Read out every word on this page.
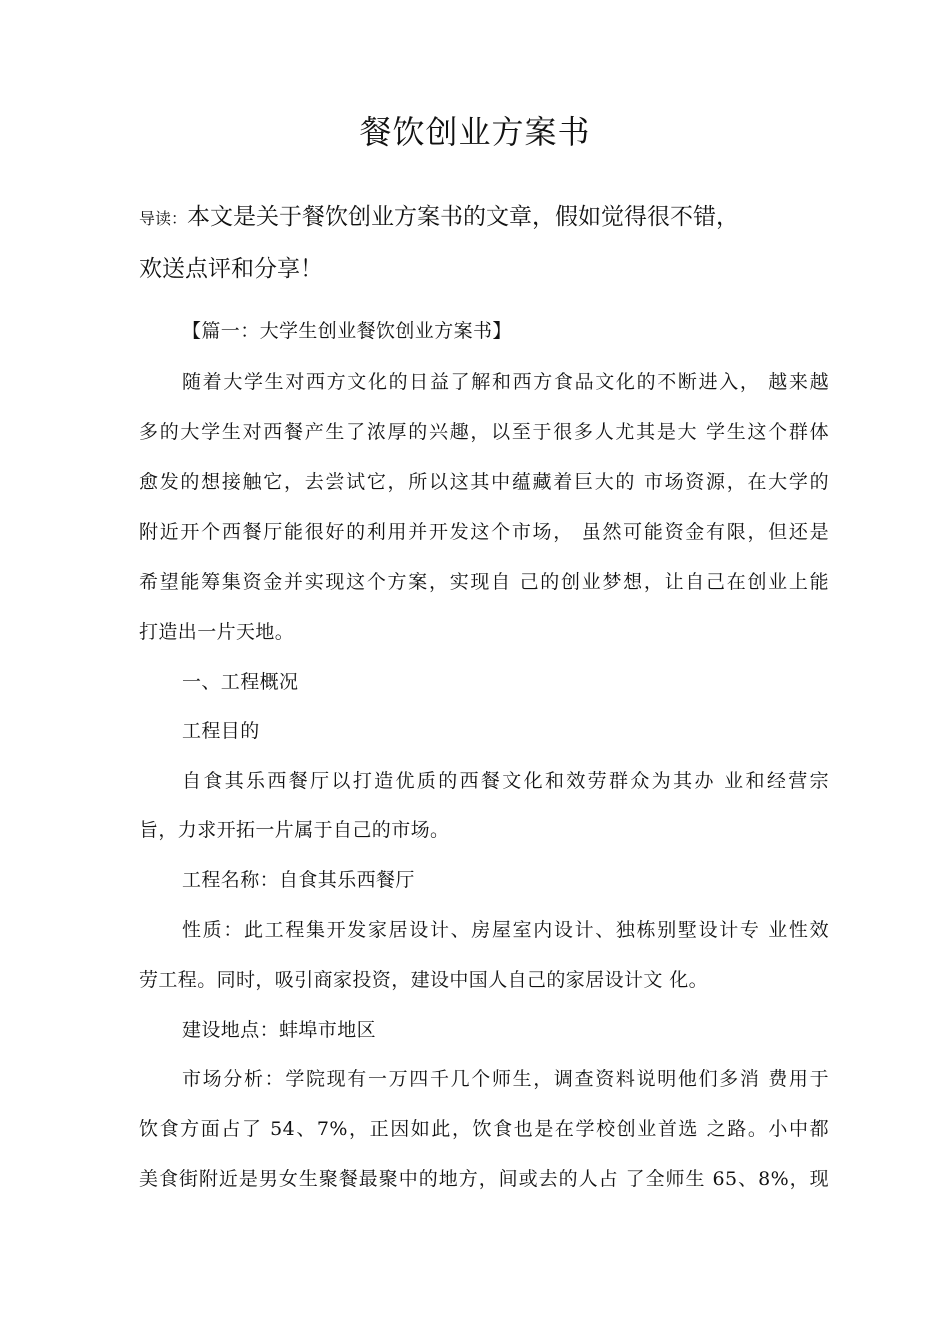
餐饮创业方案书
导读：本文是关于餐饮创业方案书的文章，假如觉得很不错，
欢送点评和分享！
【篇一：大学生创业餐饮创业方案书】
随着大学生对西方文化的日益了解和西方食品文化的不断进入， 越来越
多的大学生对西餐产生了浓厚的兴趣，以至于很多人尤其是大 学生这个群体
愈发的想接触它，去尝试它，所以这其中蕴藏着巨大的 市场资源，在大学的
附近开个西餐厅能很好的利用并开发这个市场， 虽然可能资金有限，但还是
希望能筹集资金并实现这个方案，实现自 己的创业梦想，让自己在创业上能
打造出一片天地。
一、工程概况
工程目的
自食其乐西餐厅以打造优质的西餐文化和效劳群众为其办 业和经营宗
旨，力求开拓一片属于自己的市场。
工程名称：自食其乐西餐厅
性质：此工程集开发家居设计、房屋室内设计、独栋别墅设计专 业性效
劳工程。同时，吸引商家投资，建设中国人自己的家居设计文 化。
建设地点：蚌埠市地区
市场分析：学院现有一万四千几个师生，调查资料说明他们多消 费用于
饮食方面占了 54、7%，正因如此，饮食也是在学校创业首选 之路。小中都
美食街附近是男女生聚餐最聚中的地方，间或去的人占 了全师生 65、8%，现
